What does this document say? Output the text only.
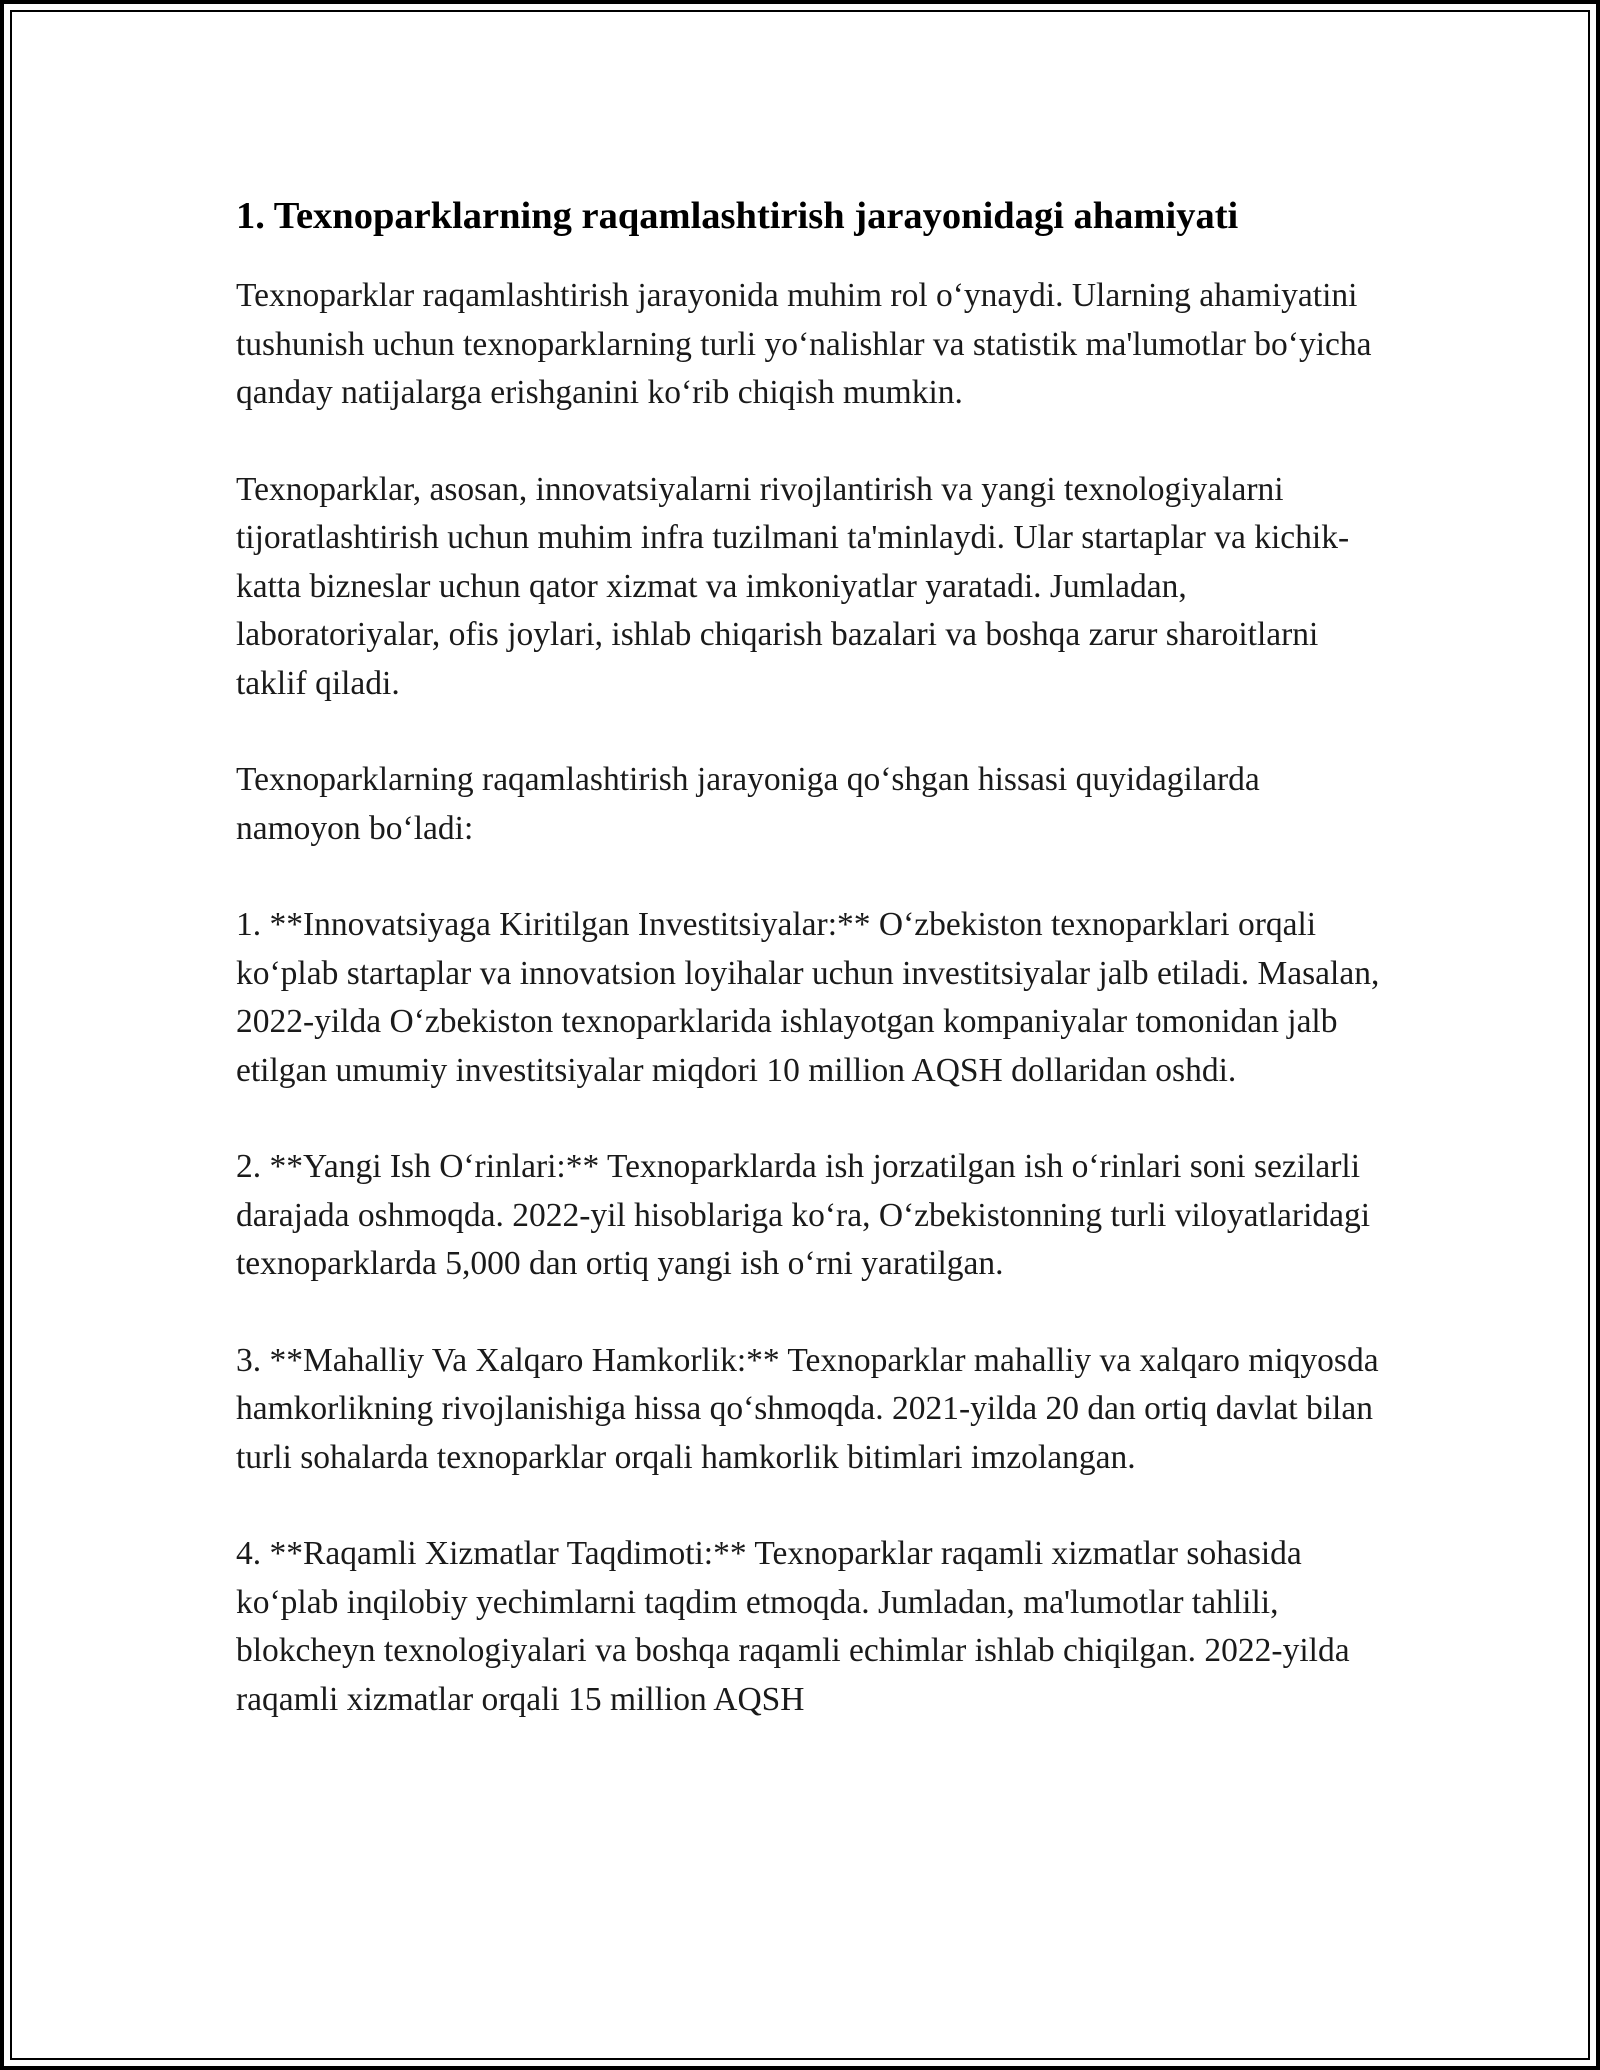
1. Texnoparklarning raqamlashtirish jarayonidagi ahamiyati

Texnoparklar raqamlashtirish jarayonida muhim rol o‘ynaydi. Ularning ahamiyatini tushunish uchun texnoparklarning turli yo‘nalishlar va statistik ma'lumotlar bo‘yicha qanday natijalarga erishganini ko‘rib chiqish mumkin.

Texnoparklar, asosan, innovatsiyalarni rivojlantirish va yangi texnologiyalarni tijoratlashtirish uchun muhim infra tuzilmani ta'minlaydi. Ular startaplar va kichik-katta bizneslar uchun qator xizmat va imkoniyatlar yaratadi. Jumladan, laboratoriyalar, ofis joylari, ishlab chiqarish bazalari va boshqa zarur sharoitlarni taklif qiladi.

Texnoparklarning raqamlashtirish jarayoniga qo‘shgan hissasi quyidagilarda namoyon bo‘ladi:

1. **Innovatsiyaga Kiritilgan Investitsiyalar:** O‘zbekiston texnoparklari orqali ko‘plab startaplar va innovatsion loyihalar uchun investitsiyalar jalb etiladi. Masalan, 2022-yilda O‘zbekiston texnoparklarida ishlayotgan kompaniyalar tomonidan jalb etilgan umumiy investitsiyalar miqdori 10 million AQSH dollaridan oshdi.

2. **Yangi Ish O‘rinlari:** Texnoparklarda ish jorzatilgan ish o‘rinlari soni sezilarli darajada oshmoqda. 2022-yil hisoblariga ko‘ra, O‘zbekistonning turli viloyatlaridagi texnoparklarda 5,000 dan ortiq yangi ish o‘rni yaratilgan.

3. **Mahalliy Va Xalqaro Hamkorlik:** Texnoparklar mahalliy va xalqaro miqyosda hamkorlikning rivojlanishiga hissa qo‘shmoqda. 2021-yilda 20 dan ortiq davlat bilan turli sohalarda texnoparklar orqali hamkorlik bitimlari imzolangan.

4. **Raqamli Xizmatlar Taqdimoti:** Texnoparklar raqamli xizmatlar sohasida ko‘plab inqilobiy yechimlarni taqdim etmoqda. Jumladan, ma'lumotlar tahlili, blokcheyn texnologiyalari va boshqa raqamli echimlar ishlab chiqilgan. 2022-yilda raqamli xizmatlar orqali 15 million AQSH
